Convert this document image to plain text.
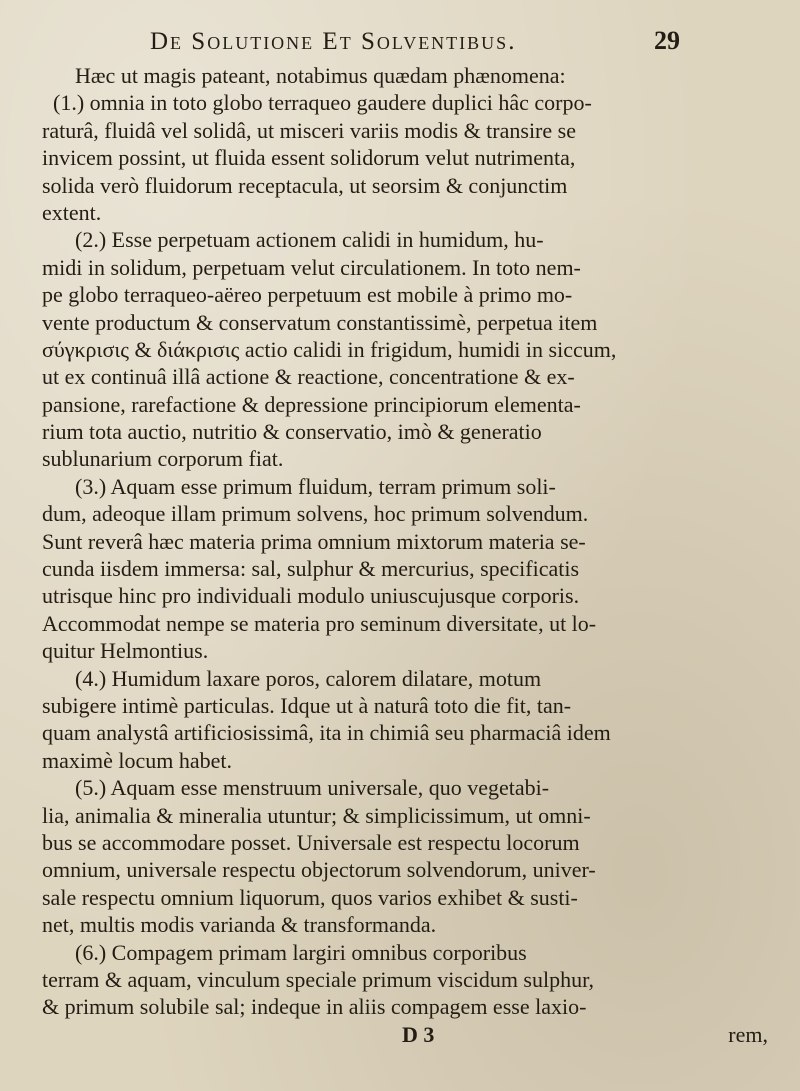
De Solutione Et Solventibus.	29
Hæc ut magis pateant, notabimus quædam phænomena:
(1.) omnia in toto globo terraqueo gaudere duplici hâc corpo-
raturâ, fluidâ vel solidâ, ut misceri variis modis & transire se
invicem possint, ut fluida essent solidorum velut nutrimenta,
solida verò fluidorum receptacula, ut seorsim & conjunctim
extent.
(2.) Esse perpetuam actionem calidi in humidum, hu-
midi in solidum, perpetuam velut circulationem. In toto nem-
pe globo terraqueo-aëreo perpetuum est mobile à primo mo-
vente productum & conservatum constantissimè, perpetua item
σύγκρισις & διάκρισις actio calidi in frigidum, humidi in siccum,
ut ex continuâ illâ actione & reactione, concentratione & ex-
pansione, rarefactione & depressione principiorum elementa-
rium tota auctio, nutritio & conservatio, imò & generatio
sublunarium corporum fiat.
(3.) Aquam esse primum fluidum, terram primum soli-
dum, adeoque illam primum solvens, hoc primum solvendum.
Sunt reverâ hæc materia prima omnium mixtorum materia se-
cunda iisdem immersa: sal, sulphur & mercurius, specificatis
utrisque hinc pro individuali modulo uniuscujusque corporis.
Accommodat nempe se materia pro seminum diversitate, ut lo-
quitur Helmontius.
(4.) Humidum laxare poros, calorem dilatare, motum
subigere intimè particulas. Idque ut à naturâ toto die fit, tan-
quam analystâ artificiosissimâ, ita in chimiâ seu pharmaciâ idem
maximè locum habet.
(5.) Aquam esse menstruum universale, quo vegetabi-
lia, animalia & mineralia utuntur; & simplicissimum, ut omni-
bus se accommodare posset. Universale est respectu locorum
omnium, universale respectu objectorum solvendorum, univer-
sale respectu omnium liquorum, quos varios exhibet & susti-
net, multis modis varianda & transformanda.
(6.) Compagem primam largiri omnibus corporibus
terram & aquam, vinculum speciale primum viscidum sulphur,
& primum solubile sal; indeque in aliis compagem esse laxio-
D 3	rem,
